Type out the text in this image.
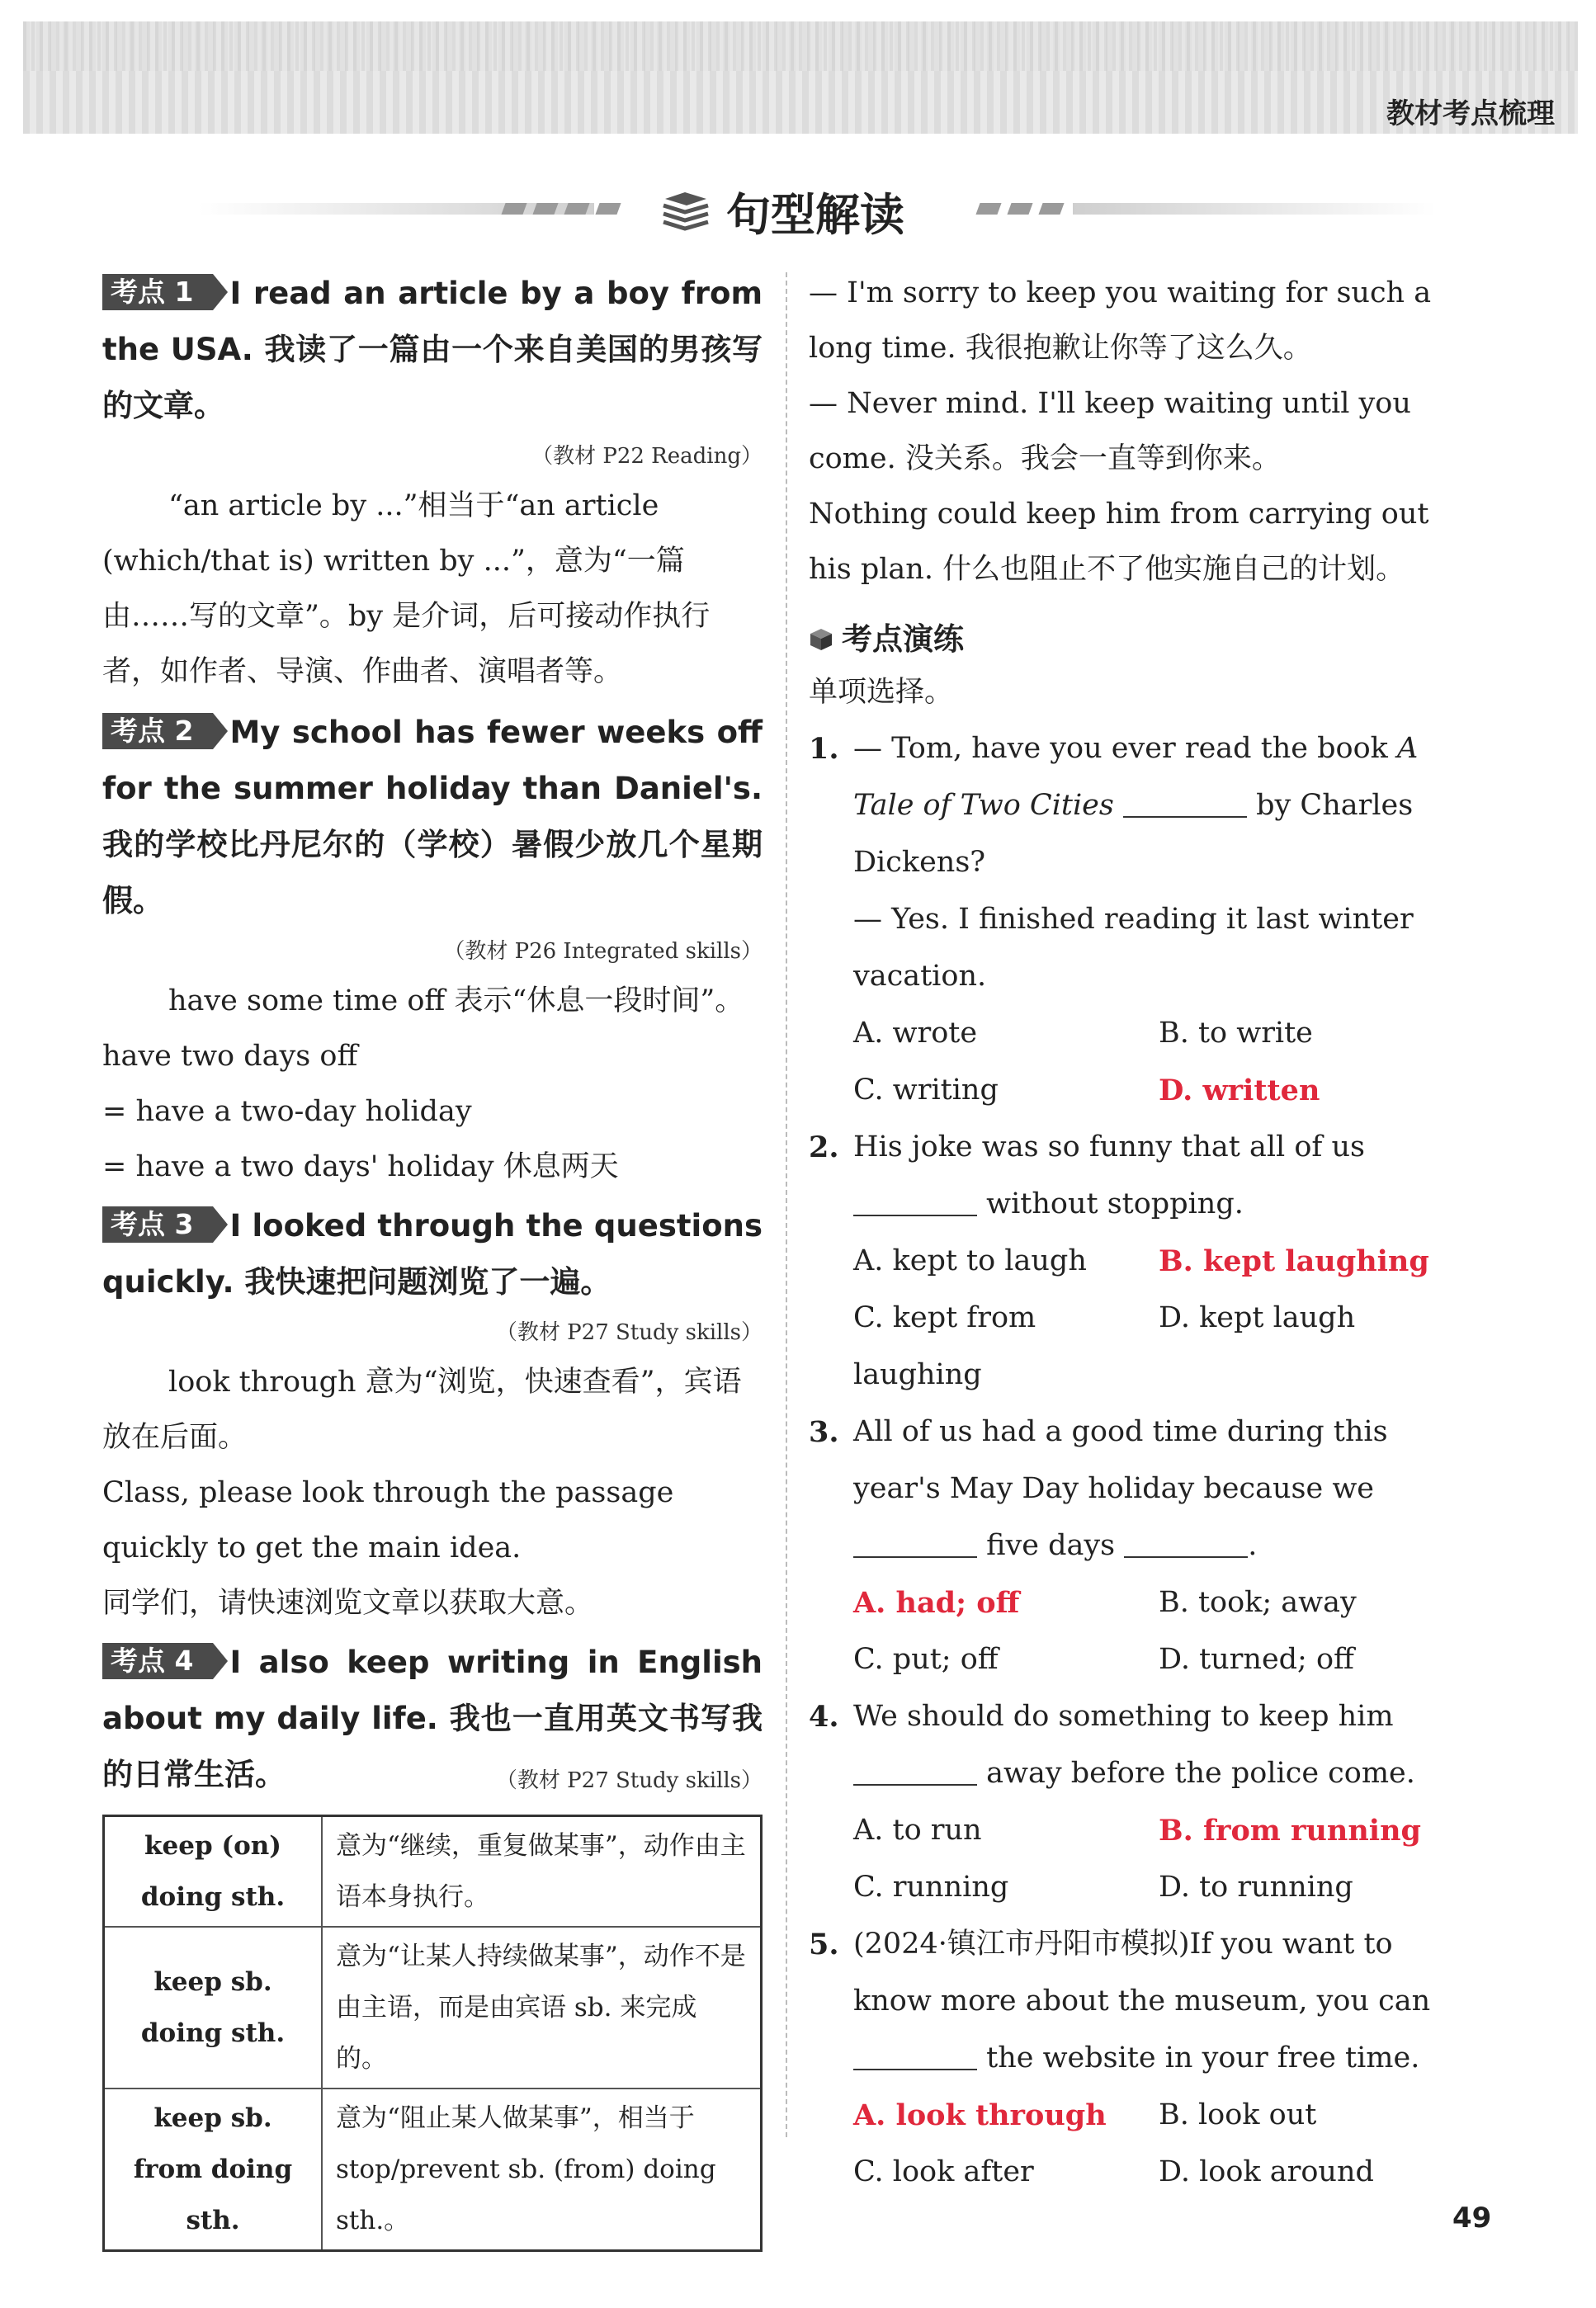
教材考点梳理
句型解读

考点 1 I read an article by a boy from the USA. 我读了一篇由一个来自美国的男孩写的文章。

（教材 P22 Reading）

“an article by ...”相当于“an article (which/that is) written by ...”，意为“一篇由……写的文章”。by 是介词，后可接动作执行者，如作者、导演、作曲者、演唱者等。

考点 2 My school has fewer weeks off for the summer holiday than Daniel's. 我的学校比丹尼尔的（学校）暑假少放几个星期假。

（教材 P26 Integrated skills）

have some time off 表示“休息一段时间”。

have two days off

= have a two-day holiday

= have a two days' holiday 休息两天

考点 3 I looked through the questions quickly. 我快速把问题浏览了一遍。

（教材 P27 Study skills）

look through 意为“浏览，快速查看”，宾语放在后面。

Class, please look through the passage quickly to get the main idea.

同学们，请快速浏览文章以获取大意。

考点 4 I also keep writing in English about my daily life. 我也一直用英文书写我的日常生活。	（教材 P27 Study skills）

keep (on) doing sth.	意为“继续，重复做某事”，动作由主语本身执行。
keep sb. doing sth.	意为“让某人持续做某事”，动作不是由主语，而是由宾语 sb. 来完成的。
keep sb. from doing sth.	意为“阻止某人做某事”，相当于 stop/prevent sb. (from) doing sth.。

— I'm sorry to keep you waiting for such a long time. 我很抱歉让你等了这么久。

— Never mind. I'll keep waiting until you come. 没关系。我会一直等到你来。

Nothing could keep him from carrying out his plan. 什么也阻止不了他实施自己的计划。

考点演练

单项选择。

1. — Tom, have you ever read the book A Tale of Two Cities	by Charles Dickens?

— Yes. I finished reading it last winter vacation.

A. wrote	B. to write
C. writing	D. written

2. His joke was so funny that all of us  without stopping.

A. kept to laugh	B. kept laughing
C. kept from laughing
D. kept laugh

3. All of us had a good time during this year's May Day holiday because we  five days	.

A. had; off	B. took; away
C. put; off	D. turned; off

4. We should do something to keep him  away before the police come.

A. to run	B. from running
C. running	D. to running

5. (2024·镇江市丹阳市模拟)If you want to know more about the museum, you can  the website in your free time.

A. look through	B. look out
C. look after	D. look around
49
